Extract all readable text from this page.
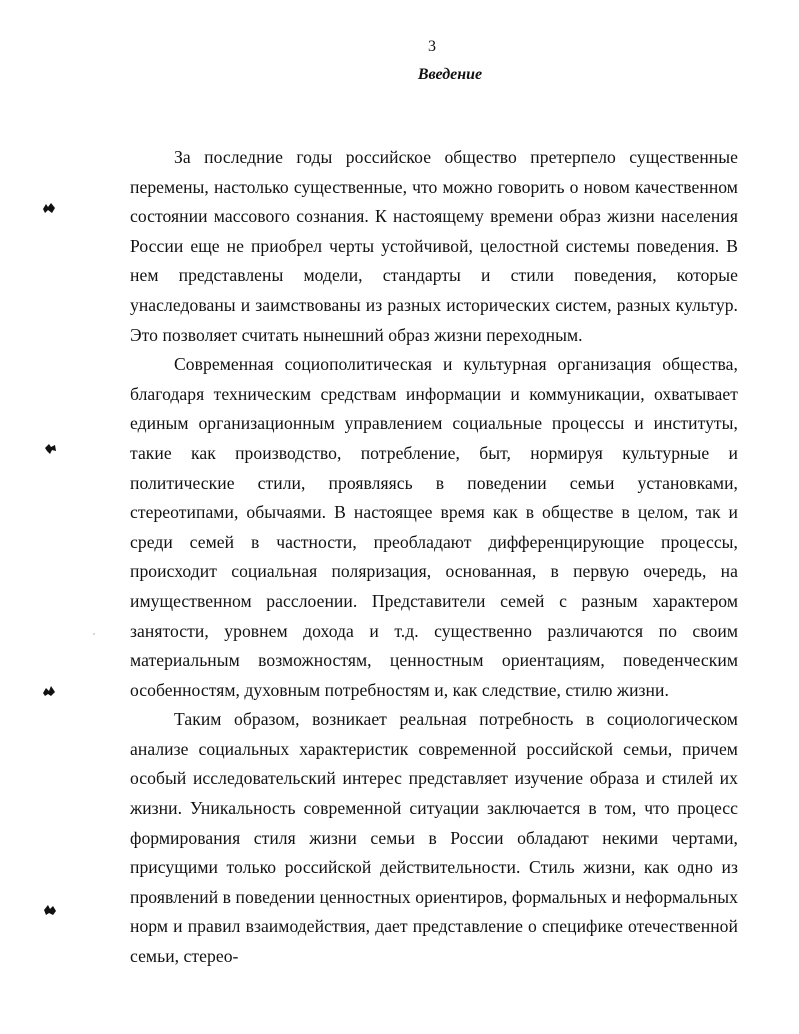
3
Введение

За последние годы российское общество претерпело существенные перемены, настолько существенные, что можно говорить о новом качественном состоянии массового сознания. К настоящему времени образ жизни населения России еще не приобрел черты устойчивой, целостной системы поведения. В нем представлены модели, стандарты и стили поведения, которые унаследованы и заимствованы из разных исторических систем, разных культур. Это позволяет считать нынешний образ жизни переходным.

Современная социополитическая и культурная организация общества, благодаря техническим средствам информации и коммуникации, охватывает единым организационным управлением социальные процессы и институты, такие как производство, потребление, быт, нормируя культурные и политические стили, проявляясь в поведении семьи установками, стереотипами, обычаями. В настоящее время как в обществе в целом, так и среди семей в частности, преобладают дифференцирующие процессы, происходит социальная поляризация, основанная, в первую очередь, на имущественном расслоении. Представители семей с разным характером занятости, уровнем дохода и т.д. существенно различаются по своим материальным возможностям, ценностным ориентациям, поведенческим особенностям, духовным потребностям и, как следствие, стилю жизни.

Таким образом, возникает реальная потребность в социологическом анализе социальных характеристик современной российской семьи, причем особый исследовательский интерес представляет изучение образа и стилей их жизни. Уникальность современной ситуации заключается в том, что процесс формирования стиля жизни семьи в России обладают некими чертами, присущими только российской действительности. Стиль жизни, как одно из проявлений в поведении ценностных ориентиров, формальных и неформальных норм и правил взаимодействия, дает представление о специфике отечественной семьи, стерео-
